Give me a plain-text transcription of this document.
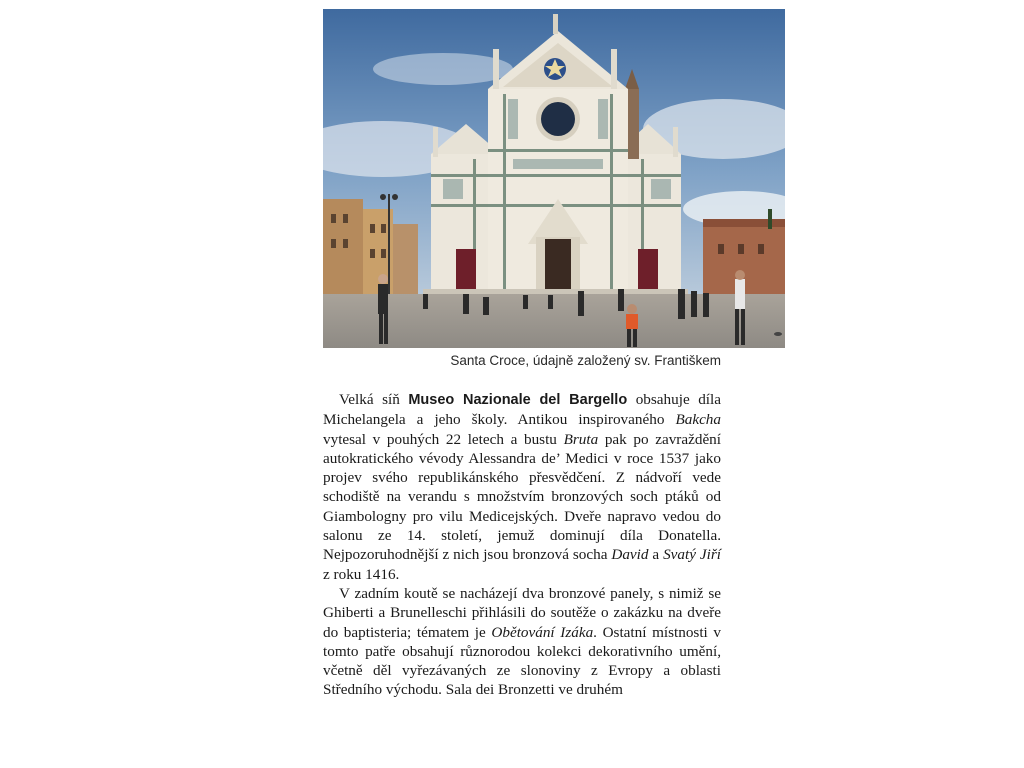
Santa Croce, údajně založený sv. Františkem

Velká síň Museo Nazionale del Bargello obsahuje díla Michelangela a jeho školy. Antikou inspirovaného Bakcha vytesal v pouhých 22 letech a bustu Bruta pak po zavraždění autokratického vévody Alessandra de’ Medici v roce 1537 jako projev svého republikánského přesvědčení. Z nádvoří vede schodiště na verandu s množstvím bronzových soch ptáků od Giambologny pro vilu Medicejských. Dveře napravo vedou do salonu ze 14. století, jemuž dominují díla Donatella. Nejpozoruhodnější z nich jsou bronzová socha David a Svatý Jiří z roku 1416.

V zadním koutě se nacházejí dva bronzové panely, s nimiž se Ghiberti a Brunelleschi přihlásili do soutěže o zakázku na dveře do baptisteria; tématem je Obětování Izáka. Ostatní místnosti v tomto patře obsahují různorodou kolekci dekorativního umění, včetně děl vyřezávaných ze slonoviny z Evropy a oblasti Středního východu. Sala dei Bronzetti ve druhém
